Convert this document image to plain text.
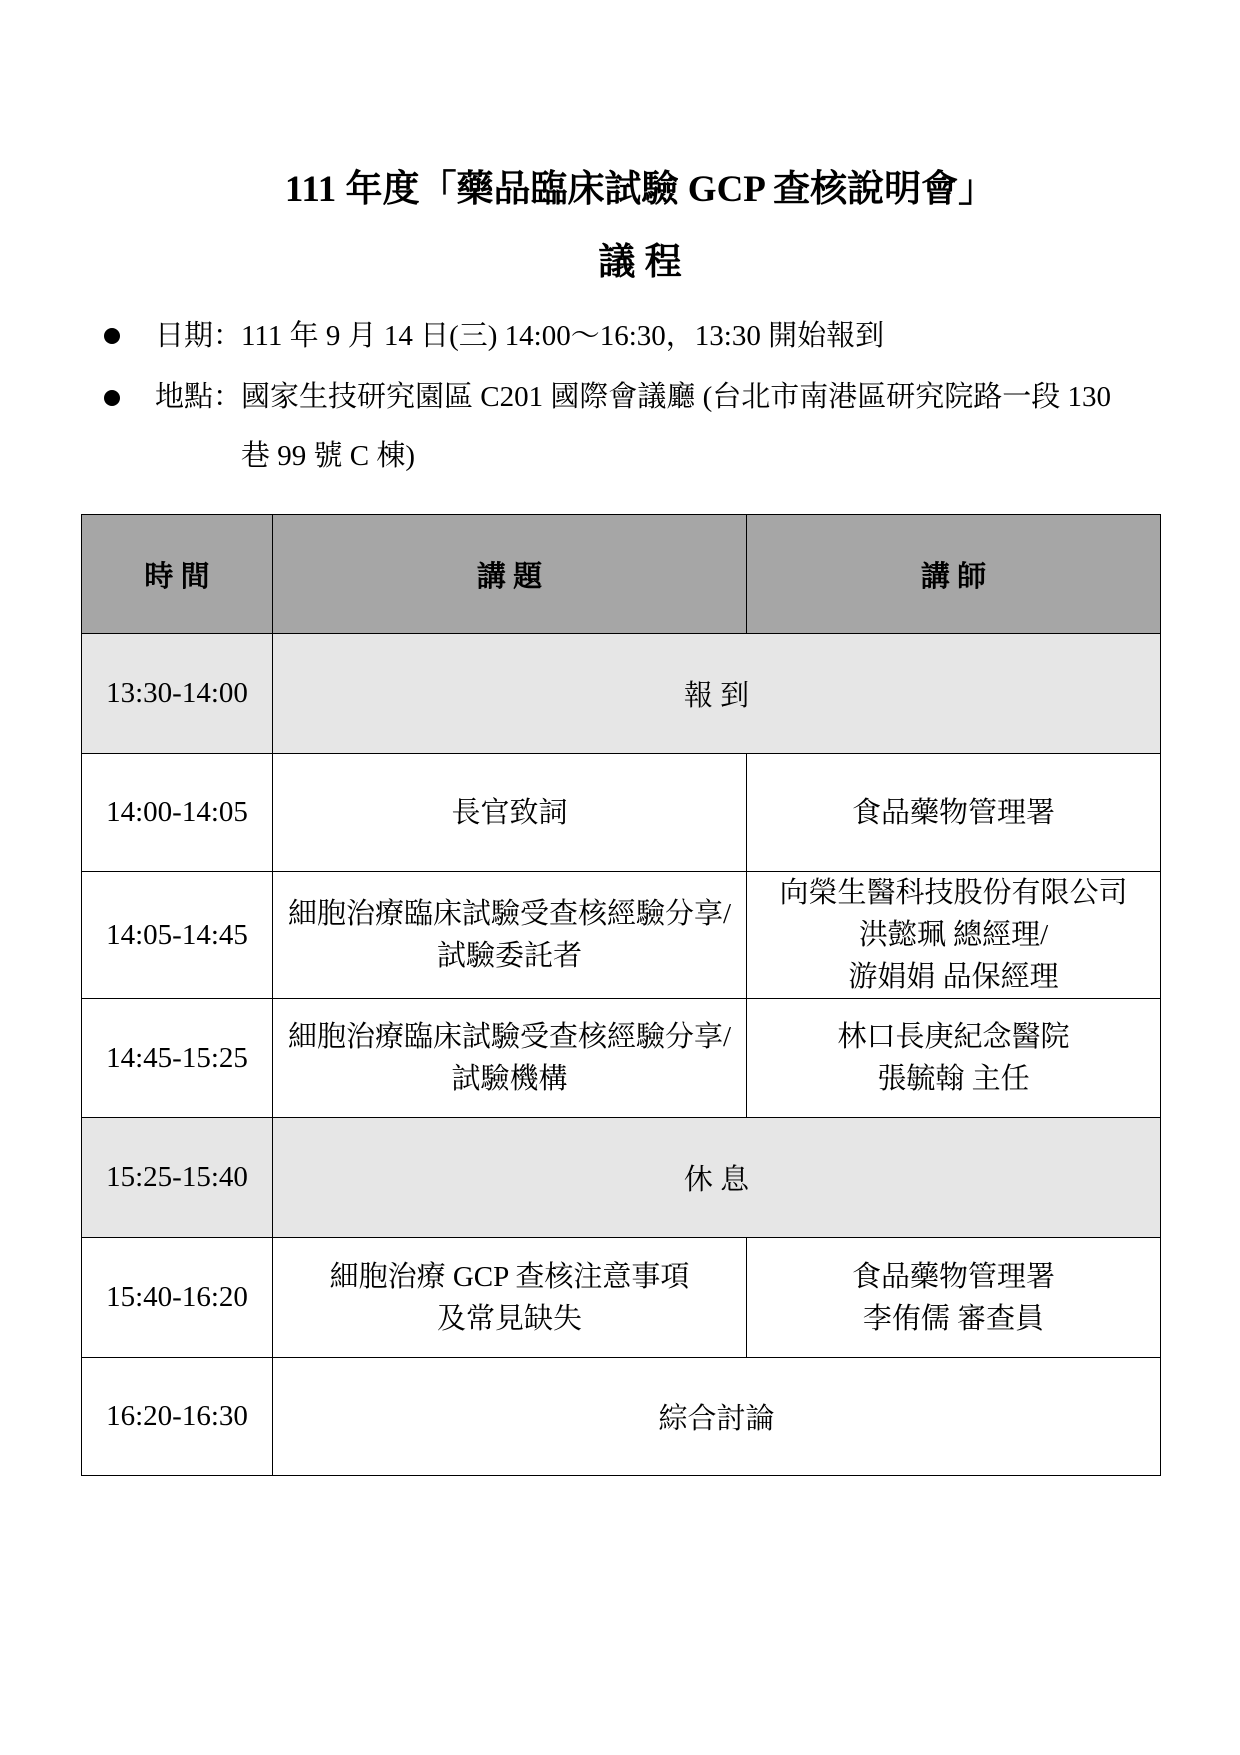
111 年度「藥品臨床試驗 GCP 查核說明會」
議 程
日期：
111 年 9 月 14 日(三) 14:00～16:30，13:30 開始報到
地點：
國家生技研究園區 C201 國際會議廳 (台北市南港區研究院路一段 130
巷 99 號 C 棟)
時 間	講 題	講 師
13:30-14:00	報 到	
14:00-14:05	長官致詞	食品藥物管理署

14:05-14:45	細胞治療臨床試驗受查核經驗分享/
試驗委託者	向榮生醫科技股份有限公司
洪懿珮 總經理/
游娟娟 品保經理

14:45-15:25	細胞治療臨床試驗受查核經驗分享/
試驗機構	林口長庚紀念醫院
張毓翰 主任

15:25-15:40	休 息	
15:40-16:20	細胞治療 GCP 查核注意事項
及常見缺失	食品藥物管理署
李侑儒 審查員

16:20-16:30	綜合討論	
